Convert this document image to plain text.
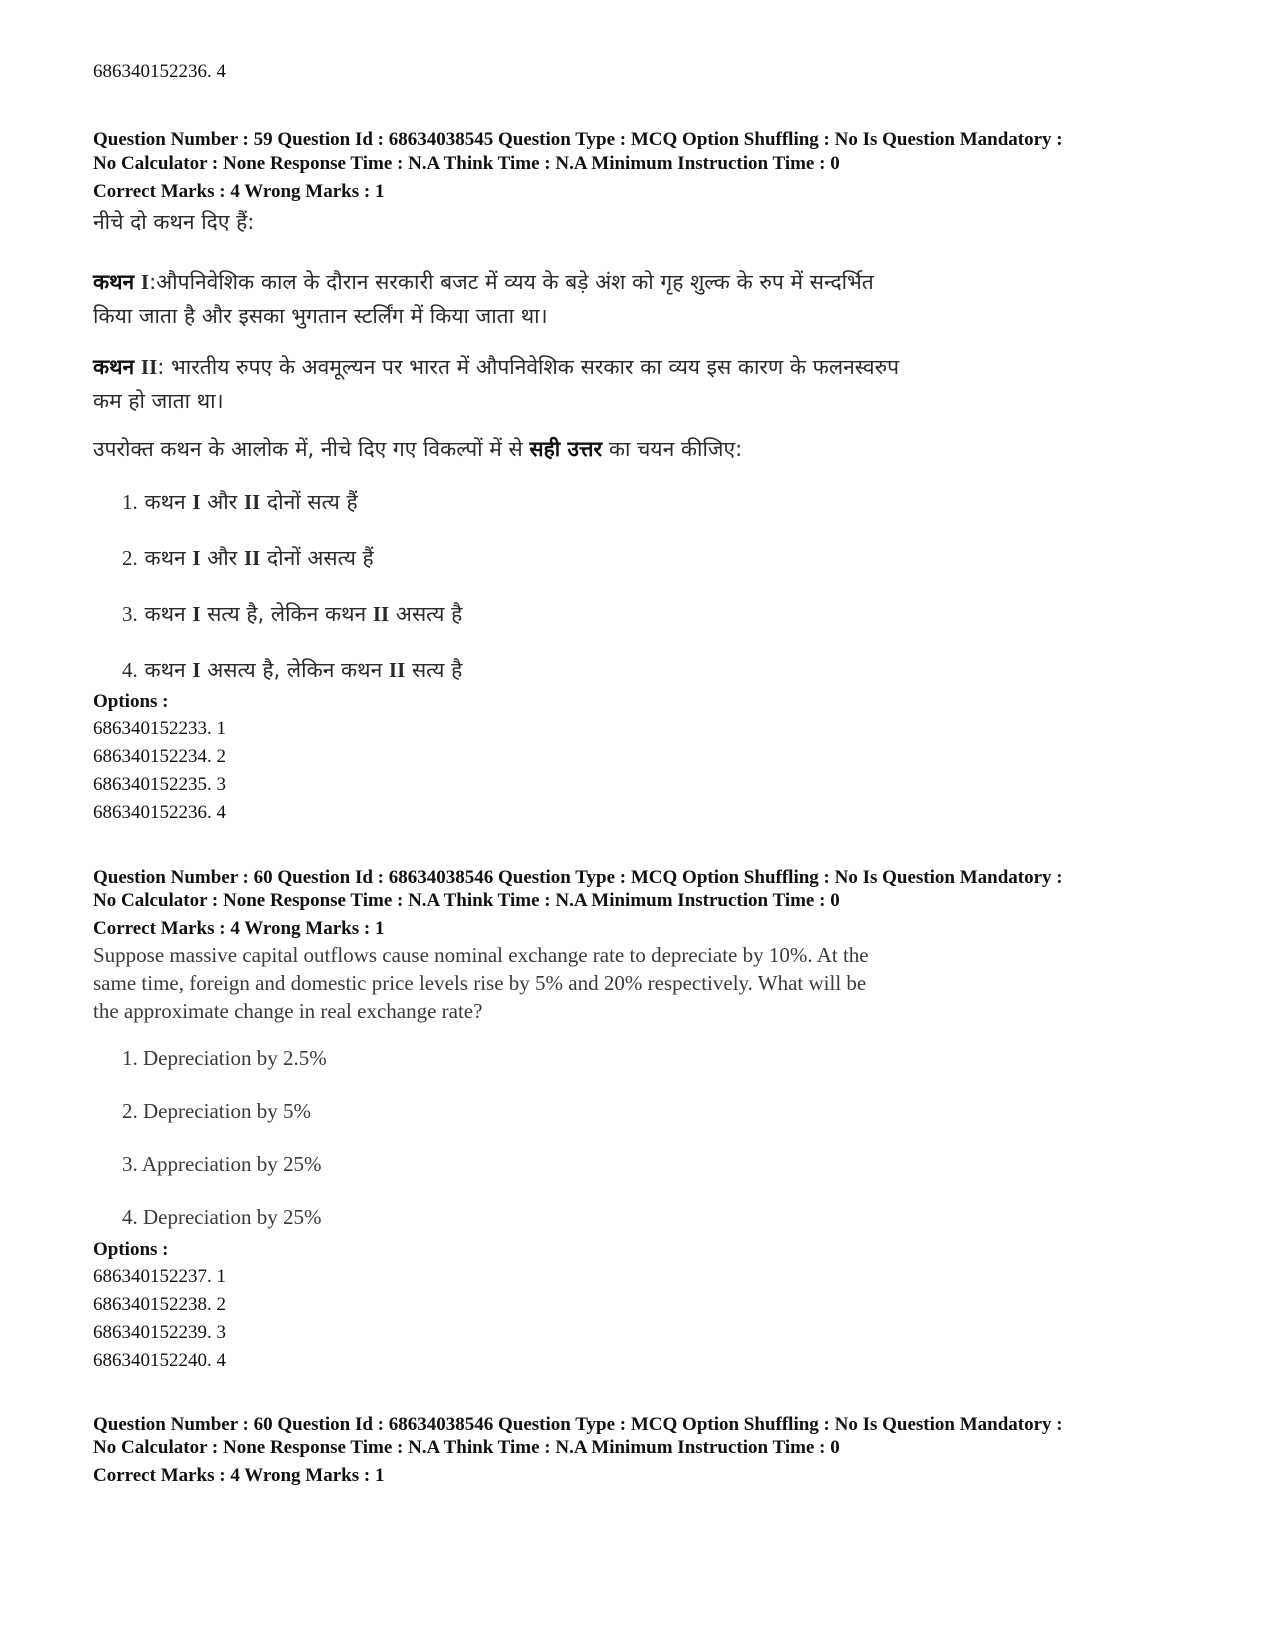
686340152236. 4
Question Number : 59 Question Id : 68634038545 Question Type : MCQ Option Shuffling : No Is Question Mandatory :
No Calculator : None Response Time : N.A Think Time : N.A Minimum Instruction Time : 0
Correct Marks : 4 Wrong Marks : 1
नीचे दो कथन दिए हैं:
कथन I:औपनिवेशिक काल के दौरान सरकारी बजट में व्यय के बड़े अंश को गृह शुल्क के रुप में सन्दर्भित किया जाता है और इसका भुगतान स्टर्लिंग में किया जाता था।
कथन II: भारतीय रुपए के अवमूल्यन पर भारत में औपनिवेशिक सरकार का व्यय इस कारण के फलनस्वरुप कम हो जाता था।
उपरोक्त कथन के आलोक में, नीचे दिए गए विकल्पों में से सही उत्तर का चयन कीजिए:
1. कथन I और II दोनों सत्य हैं
2. कथन I और II दोनों असत्य हैं
3. कथन I सत्य है, लेकिन कथन II असत्य है
4. कथन I असत्य है, लेकिन कथन II सत्य है
Options :
686340152233. 1
686340152234. 2
686340152235. 3
686340152236. 4
Question Number : 60 Question Id : 68634038546 Question Type : MCQ Option Shuffling : No Is Question Mandatory :
No Calculator : None Response Time : N.A Think Time : N.A Minimum Instruction Time : 0
Correct Marks : 4 Wrong Marks : 1
Suppose massive capital outflows cause nominal exchange rate to depreciate by 10%. At the same time, foreign and domestic price levels rise by 5% and 20% respectively. What will be the approximate change in real exchange rate?
1. Depreciation by 2.5%
2. Depreciation by 5%
3. Appreciation by 25%
4. Depreciation by 25%
Options :
686340152237. 1
686340152238. 2
686340152239. 3
686340152240. 4
Question Number : 60 Question Id : 68634038546 Question Type : MCQ Option Shuffling : No Is Question Mandatory :
No Calculator : None Response Time : N.A Think Time : N.A Minimum Instruction Time : 0
Correct Marks : 4 Wrong Marks : 1
